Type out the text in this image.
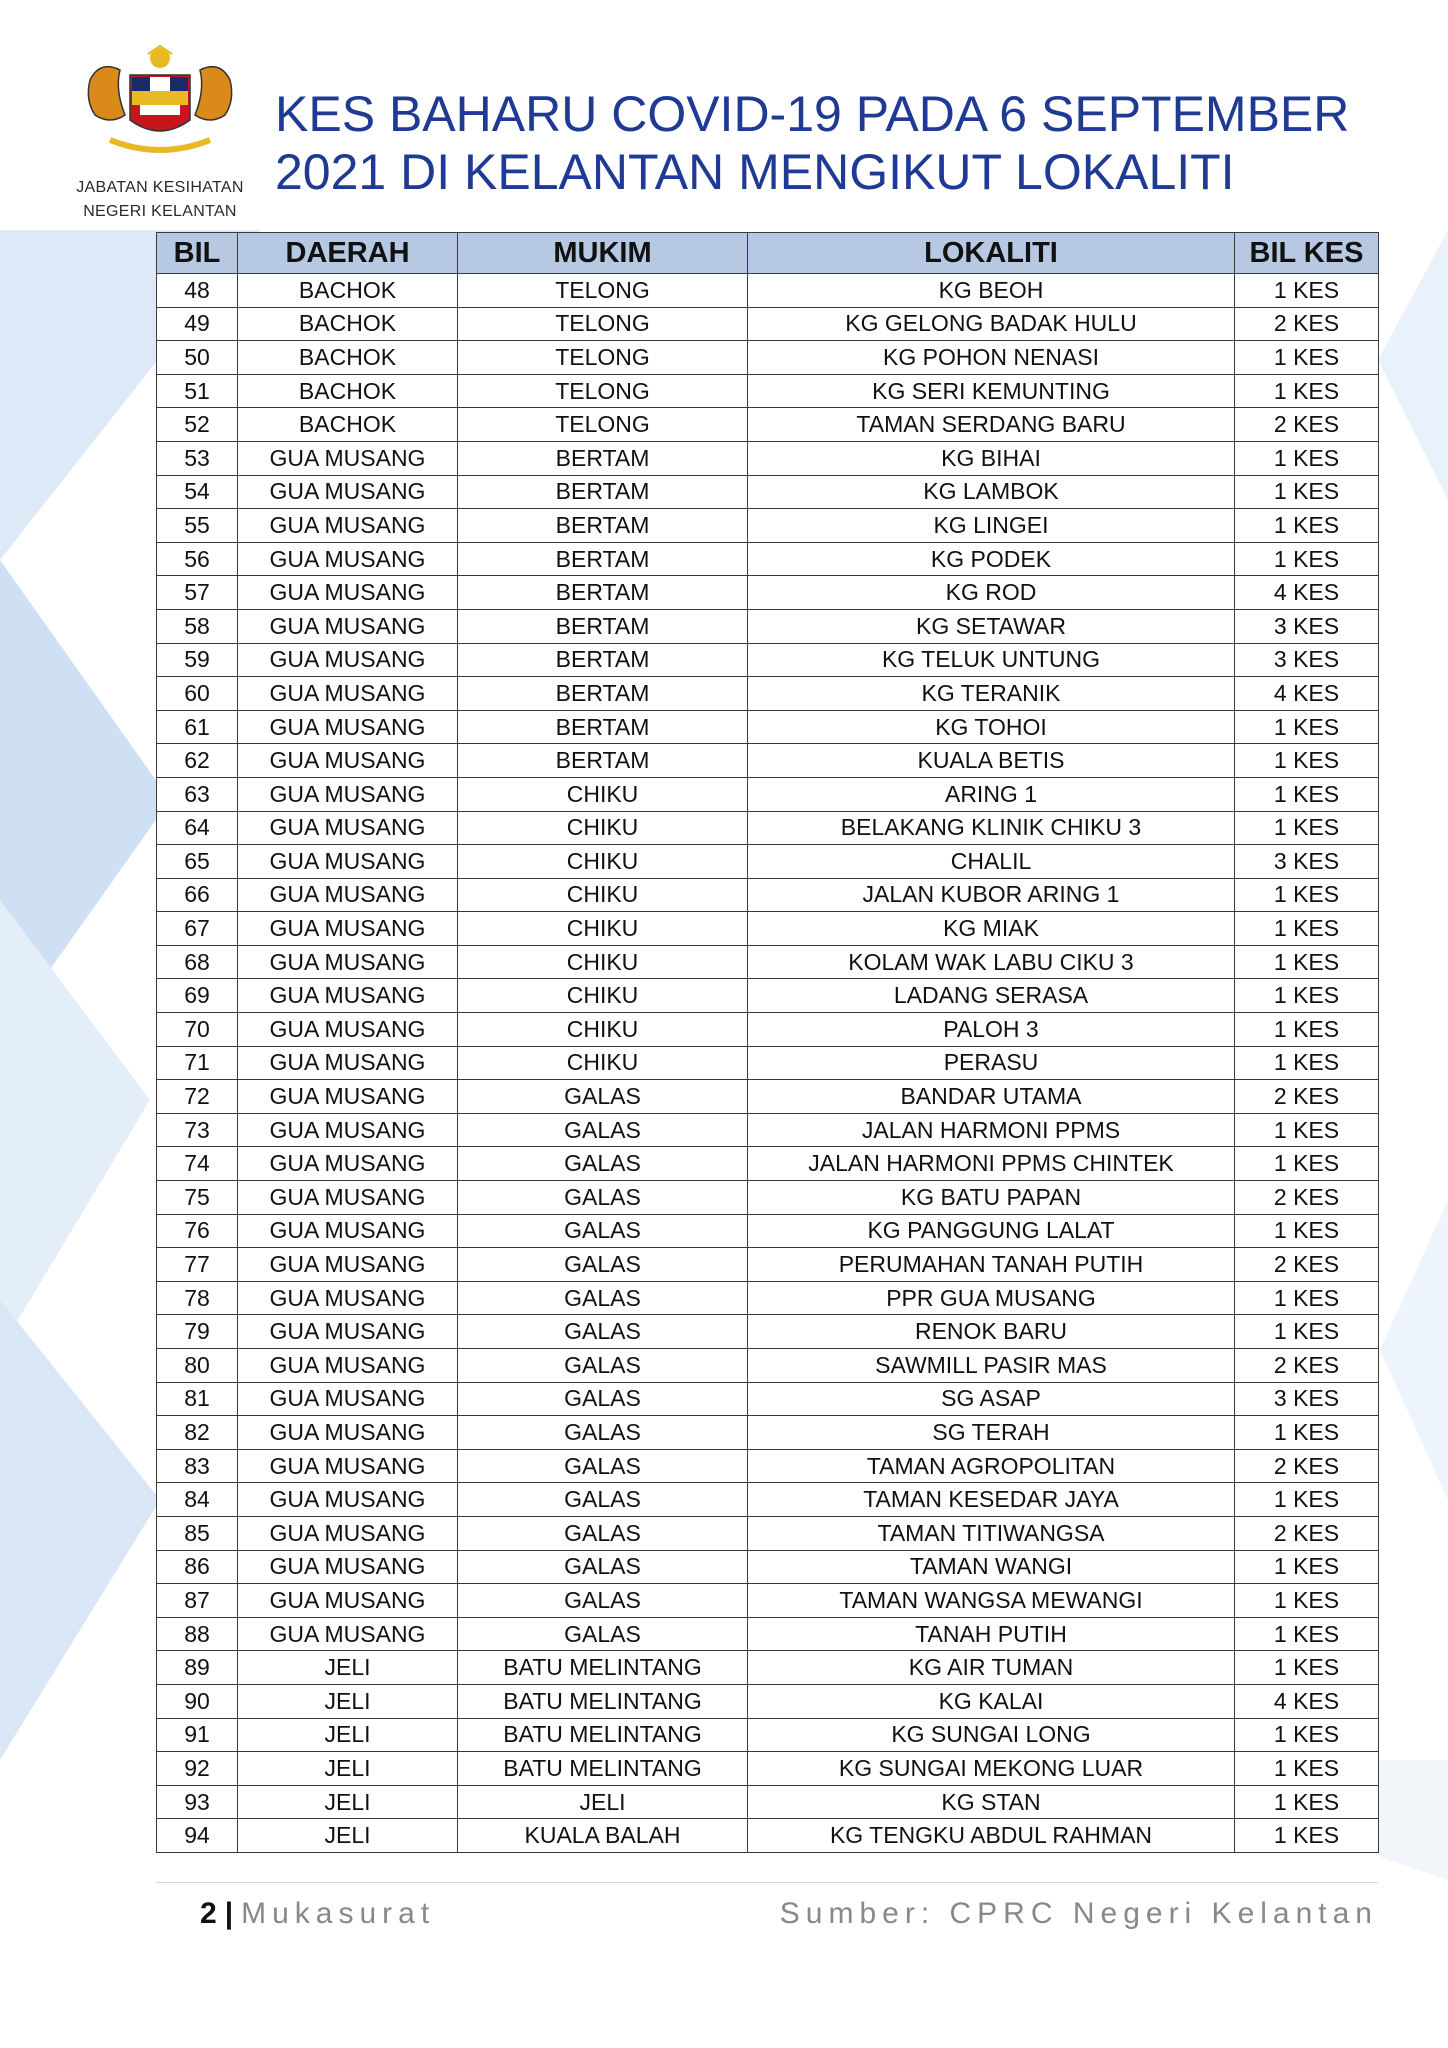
JABATAN KESIHATAN
NEGERI KELANTAN
KES BAHARU COVID-19 PADA 6 SEPTEMBER
2021 DI KELANTAN MENGIKUT LOKALITI
BIL	DAERAH	MUKIM	LOKALITI	BIL KES
48	BACHOK	TELONG	KG BEOH	1 KES
49	BACHOK	TELONG	KG GELONG BADAK HULU	2 KES
50	BACHOK	TELONG	KG POHON NENASI	1 KES
51	BACHOK	TELONG	KG SERI KEMUNTING	1 KES
52	BACHOK	TELONG	TAMAN SERDANG BARU	2 KES
53	GUA MUSANG	BERTAM	KG BIHAI	1 KES
54	GUA MUSANG	BERTAM	KG LAMBOK	1 KES
55	GUA MUSANG	BERTAM	KG LINGEI	1 KES
56	GUA MUSANG	BERTAM	KG PODEK	1 KES
57	GUA MUSANG	BERTAM	KG ROD	4 KES
58	GUA MUSANG	BERTAM	KG SETAWAR	3 KES
59	GUA MUSANG	BERTAM	KG TELUK UNTUNG	3 KES
60	GUA MUSANG	BERTAM	KG TERANIK	4 KES
61	GUA MUSANG	BERTAM	KG TOHOI	1 KES
62	GUA MUSANG	BERTAM	KUALA BETIS	1 KES
63	GUA MUSANG	CHIKU	ARING 1	1 KES
64	GUA MUSANG	CHIKU	BELAKANG KLINIK CHIKU 3	1 KES
65	GUA MUSANG	CHIKU	CHALIL	3 KES
66	GUA MUSANG	CHIKU	JALAN KUBOR ARING 1	1 KES
67	GUA MUSANG	CHIKU	KG MIAK	1 KES
68	GUA MUSANG	CHIKU	KOLAM WAK LABU CIKU 3	1 KES
69	GUA MUSANG	CHIKU	LADANG SERASA	1 KES
70	GUA MUSANG	CHIKU	PALOH 3	1 KES
71	GUA MUSANG	CHIKU	PERASU	1 KES
72	GUA MUSANG	GALAS	BANDAR UTAMA	2 KES
73	GUA MUSANG	GALAS	JALAN HARMONI PPMS	1 KES
74	GUA MUSANG	GALAS	JALAN HARMONI PPMS CHINTEK	1 KES
75	GUA MUSANG	GALAS	KG BATU PAPAN	2 KES
76	GUA MUSANG	GALAS	KG PANGGUNG LALAT	1 KES
77	GUA MUSANG	GALAS	PERUMAHAN TANAH PUTIH	2 KES
78	GUA MUSANG	GALAS	PPR GUA MUSANG	1 KES
79	GUA MUSANG	GALAS	RENOK BARU	1 KES
80	GUA MUSANG	GALAS	SAWMILL PASIR MAS	2 KES
81	GUA MUSANG	GALAS	SG ASAP	3 KES
82	GUA MUSANG	GALAS	SG TERAH	1 KES
83	GUA MUSANG	GALAS	TAMAN AGROPOLITAN	2 KES
84	GUA MUSANG	GALAS	TAMAN KESEDAR JAYA	1 KES
85	GUA MUSANG	GALAS	TAMAN TITIWANGSA	2 KES
86	GUA MUSANG	GALAS	TAMAN WANGI	1 KES
87	GUA MUSANG	GALAS	TAMAN WANGSA MEWANGI	1 KES
88	GUA MUSANG	GALAS	TANAH PUTIH	1 KES
89	JELI	BATU MELINTANG	KG AIR TUMAN	1 KES
90	JELI	BATU MELINTANG	KG KALAI	4 KES
91	JELI	BATU MELINTANG	KG SUNGAI LONG	1 KES
92	JELI	BATU MELINTANG	KG SUNGAI MEKONG LUAR	1 KES
93	JELI	JELI	KG STAN	1 KES
94	JELI	KUALA BALAH	KG TENGKU ABDUL RAHMAN	1 KES
2 | Mukasurat	Sumber: CPRC Negeri Kelantan
